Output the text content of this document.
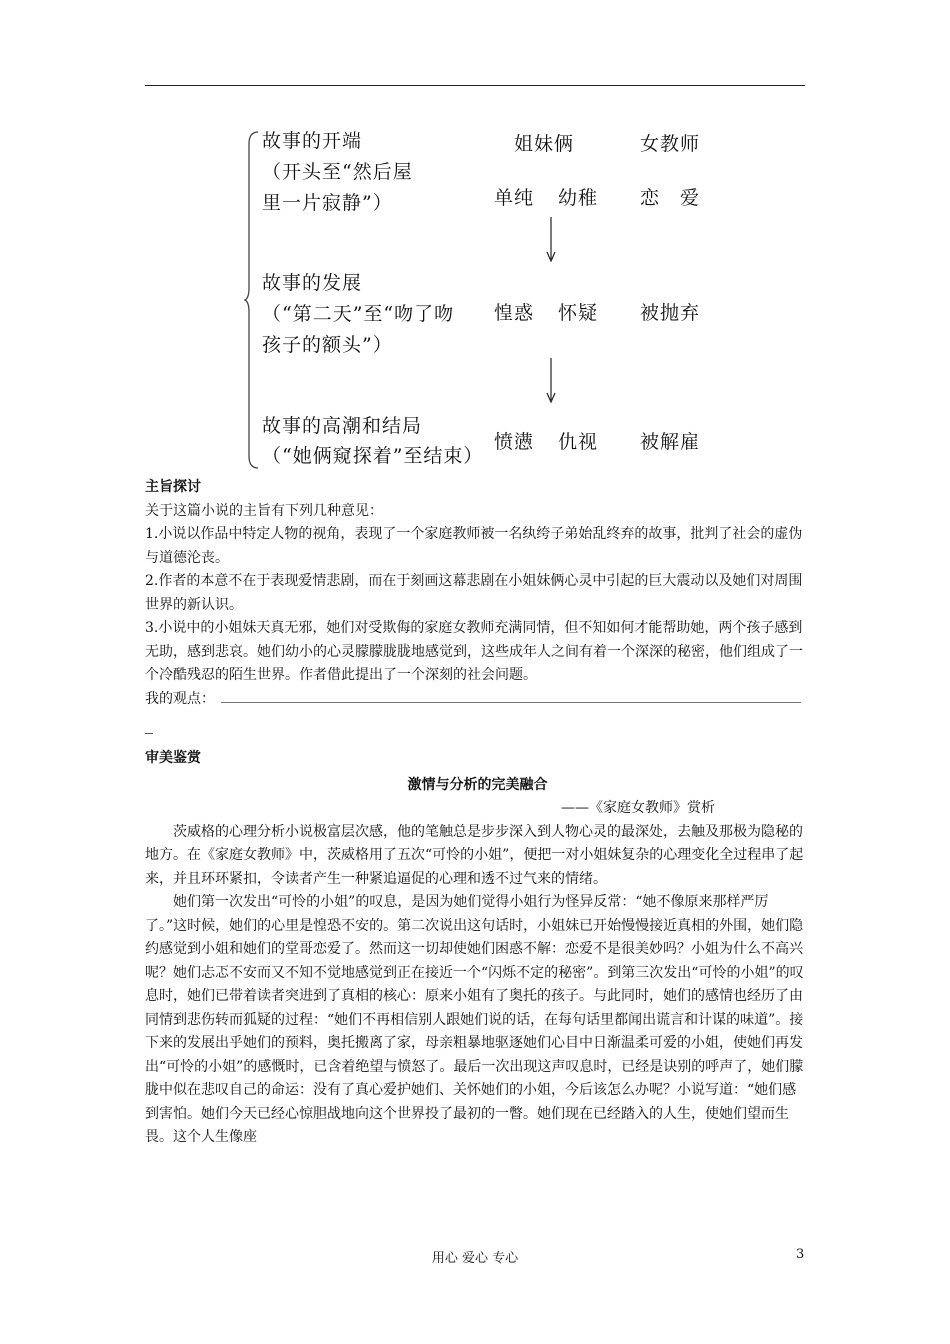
故事的开端
（开头至“然后屋
里一片寂静”）
故事的发展
（“第二天”至“吻了吻
孩子的额头”）
故事的高潮和结局
（“她俩窥探着”至结束）
姐妹俩	女教师
单纯 幼稚 恋　爱
惶惑 怀疑 被抛弃
愤懑 仇视 被解雇

主旨探讨

关于这篇小说的主旨有下列几种意见：

1.小说以作品中特定人物的视角，表现了一个家庭教师被一名纨绔子弟始乱终弃的故事，批判了社会的虚伪与道德沦丧。

2.作者的本意不在于表现爱情悲剧，而在于刻画这幕悲剧在小姐妹俩心灵中引起的巨大震动以及她们对周围世界的新认识。

3.小说中的小姐妹天真无邪，她们对受欺侮的家庭女教师充满同情，但不知如何才能帮助她，两个孩子感到无助，感到悲哀。她们幼小的心灵朦朦胧胧地感觉到，这些成年人之间有着一个深深的秘密，他们组成了一个冷酷残忍的陌生世界。作者借此提出了一个深刻的社会问题。

我的观点：

审美鉴赏

激情与分析的完美融合

——《家庭女教师》赏析

茨威格的心理分析小说极富层次感，他的笔触总是步步深入到人物心灵的最深处，去触及那极为隐秘的地方。在《家庭女教师》中，茨威格用了五次“可怜的小姐”，便把一对小姐妹复杂的心理变化全过程串了起来，并且环环紧扣，令读者产生一种紧追逼促的心理和透不过气来的情绪。

她们第一次发出“可怜的小姐”的叹息，是因为她们觉得小姐行为怪异反常：“她不像原来那样严厉了。”这时候，她们的心里是惶恐不安的。第二次说出这句话时，小姐妹已开始慢慢接近真相的外围，她们隐约感觉到小姐和她们的堂哥恋爱了。然而这一切却使她们困惑不解：恋爱不是很美妙吗？小姐为什么不高兴呢？她们忐忑不安而又不知不觉地感觉到正在接近一个“闪烁不定的秘密”。到第三次发出“可怜的小姐”的叹息时，她们已带着读者突进到了真相的核心：原来小姐有了奥托的孩子。与此同时，她们的感情也经历了由同情到悲伤转而狐疑的过程：“她们不再相信别人跟她们说的话，在每句话里都闻出谎言和计谋的味道”。接下来的发展出乎她们的预料，奥托搬离了家，母亲粗暴地驱逐她们心目中日渐温柔可爱的小姐，使她们再发出“可怜的小姐”的感慨时，已含着绝望与愤怒了。最后一次出现这声叹息时，已经是诀别的呼声了，她们朦胧中似在悲叹自己的命运：没有了真心爱护她们、关怀她们的小姐，今后该怎么办呢？小说写道：“她们感到害怕。她们今天已经心惊胆战地向这个世界投了最初的一瞥。她们现在已经踏入的人生，使她们望而生畏。这个人生像座

用心 爱心 专心	3
